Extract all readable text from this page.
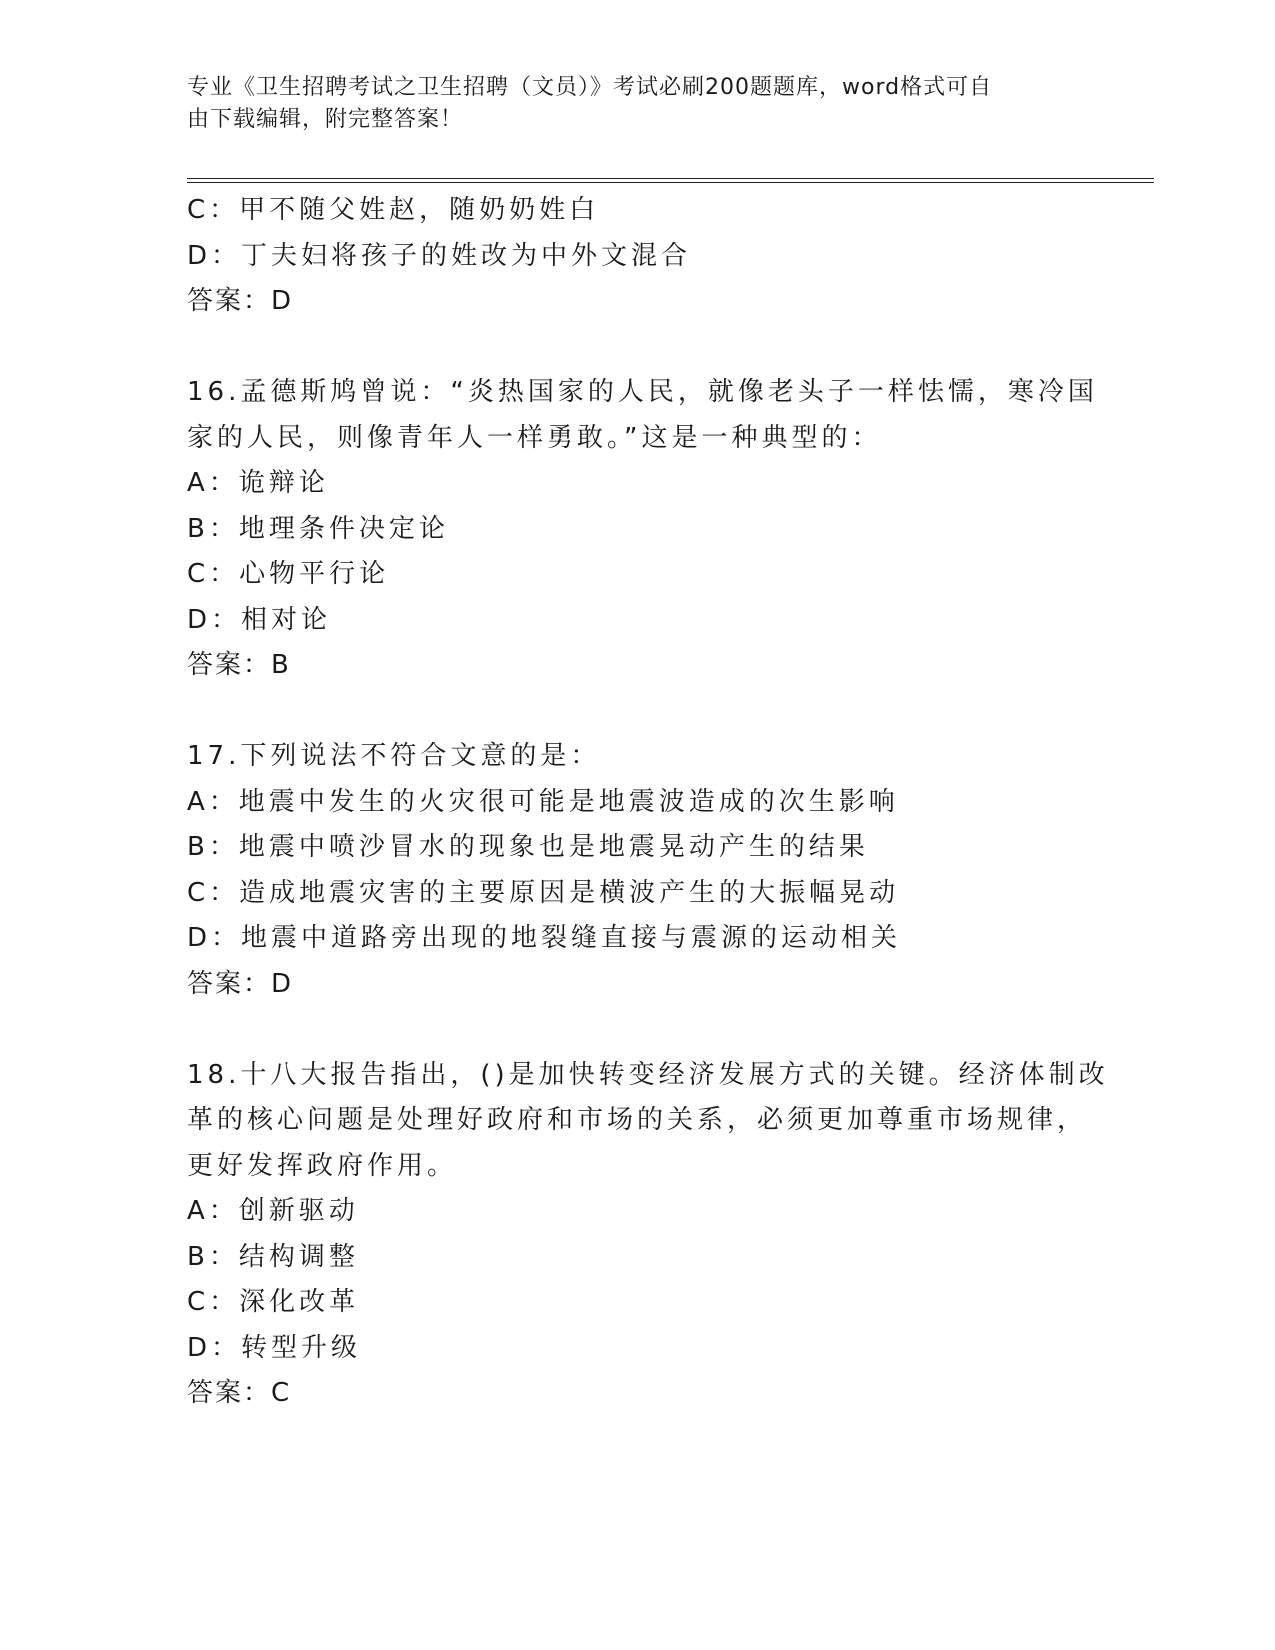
专业《卫生招聘考试之卫生招聘（文员）》考试必刷200题题库，word格式可自
由下载编辑，附完整答案！
C：甲不随父姓赵，随奶奶姓白
D：丁夫妇将孩子的姓改为中外文混合
答案：D
16.孟德斯鸠曾说：“炎热国家的人民，就像老头子一样怯懦，寒冷国
家的人民，则像青年人一样勇敢。”这是一种典型的：
A：诡辩论
B：地理条件决定论
C：心物平行论
D：相对论
答案：B
17.下列说法不符合文意的是：
A：地震中发生的火灾很可能是地震波造成的次生影响
B：地震中喷沙冒水的现象也是地震晃动产生的结果
C：造成地震灾害的主要原因是横波产生的大振幅晃动
D：地震中道路旁出现的地裂缝直接与震源的运动相关
答案：D
18.十八大报告指出，()是加快转变经济发展方式的关键。经济体制改
革的核心问题是处理好政府和市场的关系，必须更加尊重市场规律，
更好发挥政府作用。
A：创新驱动
B：结构调整
C：深化改革
D：转型升级
答案：C
